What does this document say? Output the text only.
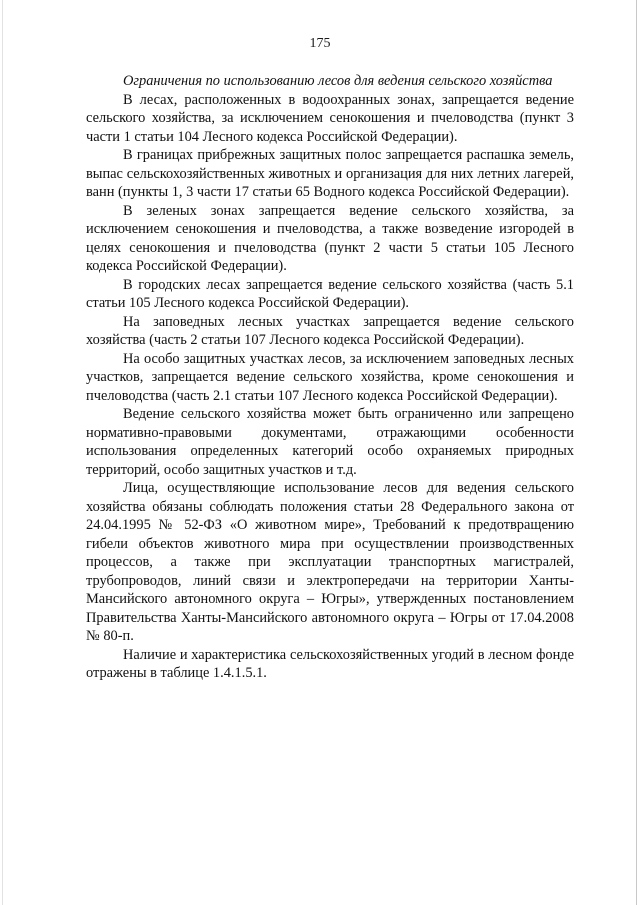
175

Ограничения по использованию лесов для ведения сельского хозяйства

В лесах, расположенных в водоохранных зонах, запрещается ведение сельского хозяйства, за исключением сенокошения и пчеловодства (пункт 3 части 1 статьи 104 Лесного кодекса Российской Федерации).

В границах прибрежных защитных полос запрещается распашка земель, выпас сельскохозяйственных животных и организация для них летних лагерей, ванн (пункты 1, 3 части 17 статьи 65 Водного кодекса Российской Федерации).

В зеленых зонах запрещается ведение сельского хозяйства, за исключением сенокошения и пчеловодства, а также возведение изгородей в целях сенокошения и пчеловодства (пункт 2 части 5 статьи 105 Лесного кодекса Российской Федерации).

В городских лесах запрещается ведение сельского хозяйства (часть 5.1 статьи 105 Лесного кодекса Российской Федерации).

На заповедных лесных участках запрещается ведение сельского хозяйства (часть 2 статьи 107 Лесного кодекса Российской Федерации).

На особо защитных участках лесов, за исключением заповедных лесных участков, запрещается ведение сельского хозяйства, кроме сенокошения и пчеловодства (часть 2.1 статьи 107 Лесного кодекса Российской Федерации).

Ведение сельского хозяйства может быть ограниченно или запрещено нормативно-правовыми документами, отражающими особенности использования определенных категорий особо охраняемых природных территорий, особо защитных участков и т.д.

Лица, осуществляющие использование лесов для ведения сельского хозяйства обязаны соблюдать положения статьи 28 Федерального закона от 24.04.1995 № 52-ФЗ «О животном мире», Требований к предотвращению гибели объектов животного мира при осуществлении производственных процессов, а также при эксплуатации транспортных магистралей, трубопроводов, линий связи и электропередачи на территории Ханты-Мансийского автономного округа – Югры», утвержденных постановлением Правительства Ханты-Мансийского автономного округа – Югры от 17.04.2008 № 80-п.

Наличие и характеристика сельскохозяйственных угодий в лесном фонде отражены в таблице 1.4.1.5.1.
